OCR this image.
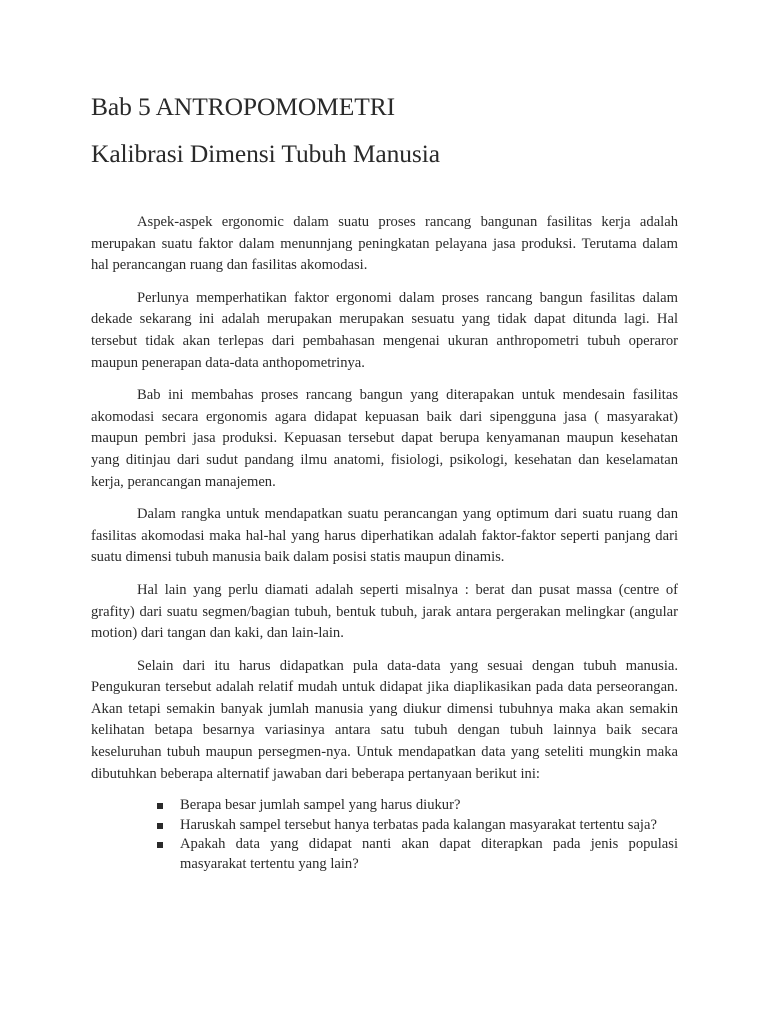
Bab 5 ANTROPOMOMETRI
Kalibrasi Dimensi Tubuh Manusia

Aspek-aspek ergonomic dalam suatu proses rancang bangunan fasilitas kerja adalah merupakan suatu faktor dalam menunnjang peningkatan pelayana jasa produksi. Terutama dalam hal perancangan ruang dan fasilitas akomodasi.

Perlunya memperhatikan faktor ergonomi dalam proses rancang bangun fasilitas dalam dekade sekarang ini adalah merupakan merupakan sesuatu yang tidak dapat ditunda lagi. Hal tersebut tidak akan terlepas dari pembahasan mengenai ukuran anthropometri tubuh operaror maupun penerapan data-data anthopometrinya.

Bab ini membahas proses rancang bangun yang diterapakan untuk mendesain fasilitas akomodasi secara ergonomis agara didapat kepuasan baik dari sipengguna jasa ( masyarakat) maupun pembri jasa produksi. Kepuasan tersebut dapat berupa kenyamanan maupun kesehatan yang ditinjau dari sudut pandang ilmu anatomi, fisiologi, psikologi, kesehatan dan keselamatan kerja, perancangan manajemen.

Dalam rangka untuk mendapatkan suatu perancangan yang optimum dari suatu ruang dan fasilitas akomodasi maka hal-hal yang harus diperhatikan adalah faktor-faktor seperti panjang dari suatu dimensi tubuh manusia baik dalam posisi statis maupun dinamis.

Hal lain yang perlu diamati adalah seperti misalnya : berat dan pusat massa (centre of grafity) dari suatu segmen/bagian tubuh, bentuk tubuh, jarak antara pergerakan melingkar (angular motion) dari tangan dan kaki, dan lain-lain.

Selain dari itu harus didapatkan pula data-data yang sesuai dengan tubuh manusia. Pengukuran tersebut adalah relatif mudah untuk didapat jika diaplikasikan pada data perseorangan. Akan tetapi semakin banyak jumlah manusia yang diukur dimensi tubuhnya maka akan semakin kelihatan betapa besarnya variasinya antara satu tubuh dengan tubuh lainnya baik secara keseluruhan tubuh maupun persegmen-nya. Untuk mendapatkan data yang seteliti mungkin maka dibutuhkan beberapa alternatif jawaban dari beberapa pertanyaan berikut ini:

Berapa besar jumlah sampel yang harus diukur?
Haruskah sampel tersebut hanya terbatas pada kalangan masyarakat tertentu saja?
Apakah data yang didapat nanti akan dapat diterapkan pada jenis populasi masyarakat tertentu yang lain?
